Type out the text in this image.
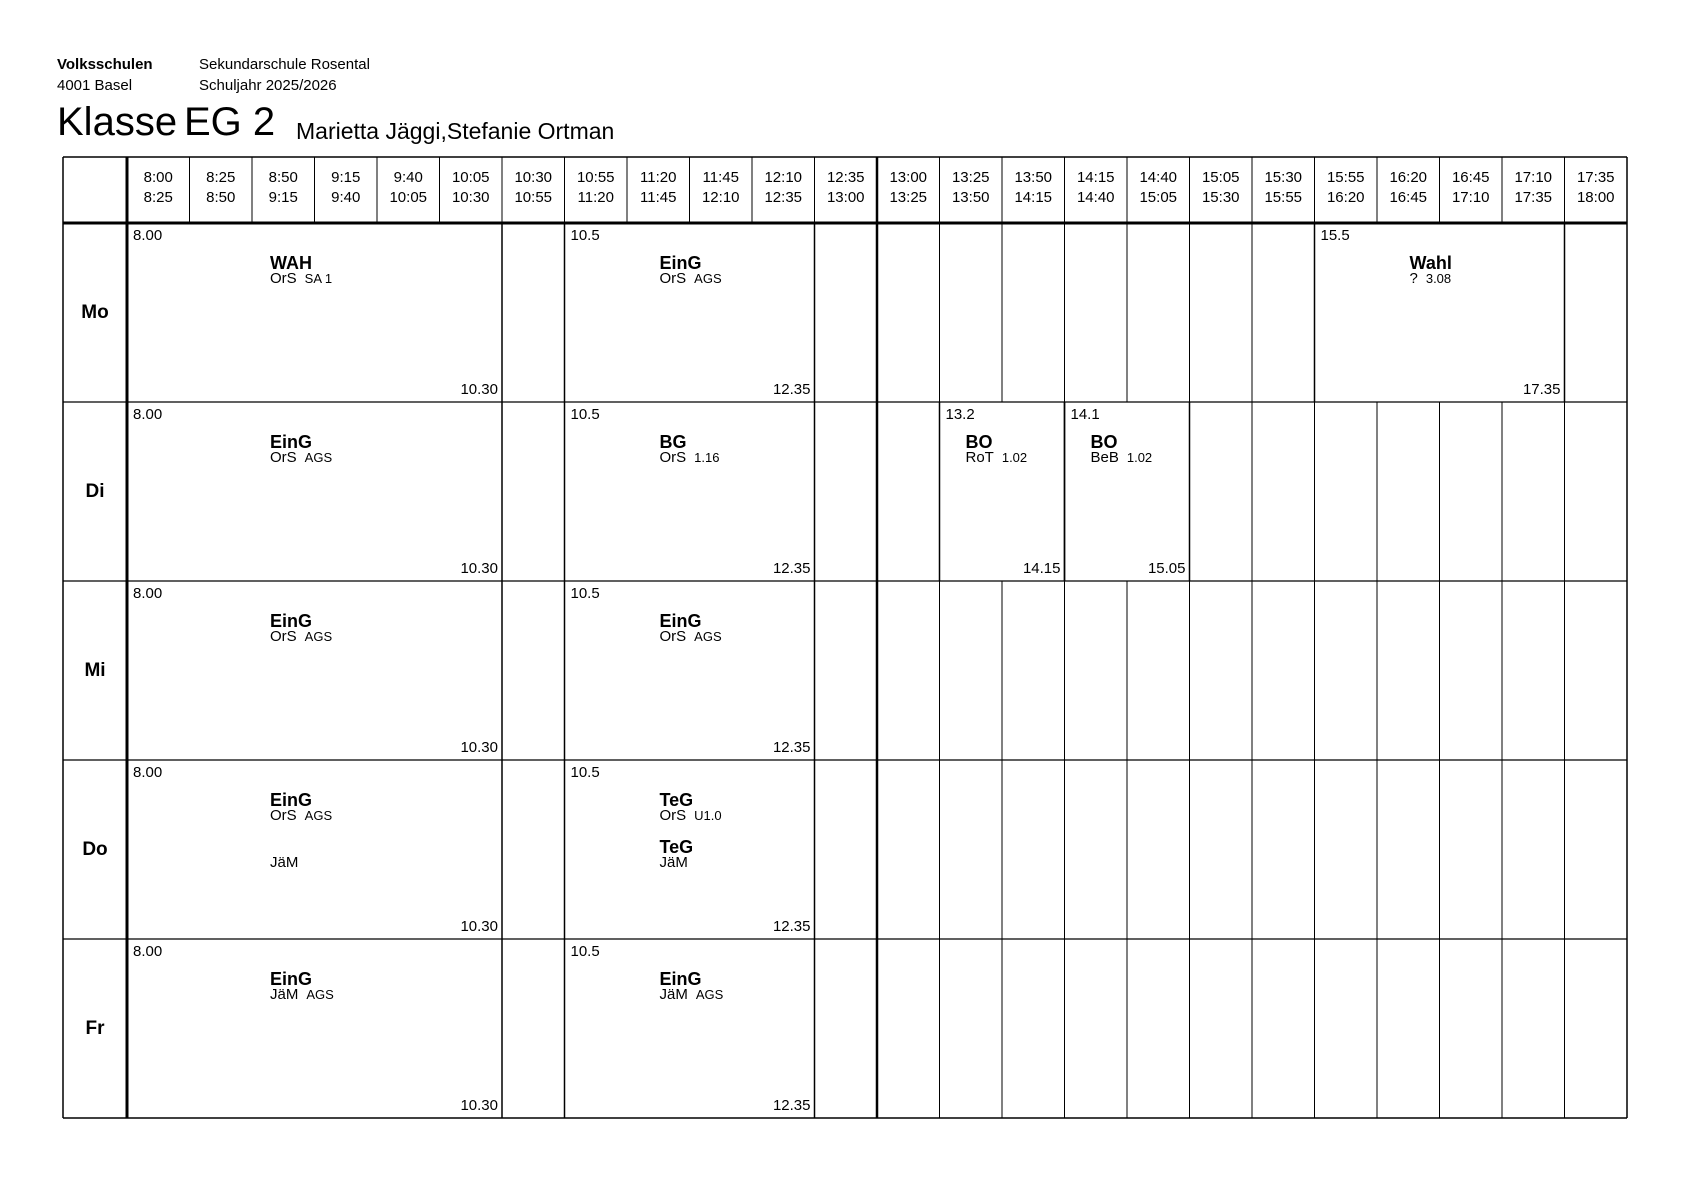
Volksschulen
4001 Basel
Sekundarschule Rosental
Schuljahr 2025/2026
Klasse EG 2 Marietta Jäggi,Stefanie Ortman
8:00
8:25
8:25
8:50
8:50
9:15
9:15
9:40
9:40
10:05
10:05
10:30
10:30
10:55
10:55
11:20
11:20
11:45
11:45
12:10
12:10
12:35
12:35
13:00
13:00
13:25
13:25
13:50
13:50
14:15
14:15
14:40
14:40
15:05
15:05
15:30
15:30
15:55
15:55
16:20
16:20
16:45
16:45
17:10
17:10
17:35
17:35
18:00
Mo
8.00
10.30
WAH
OrS SA 1
10.5
12.35
EinG
OrS AGS
15.5
17.35
Wahl
? 3.08
Di
8.00
10.30
EinG
OrS AGS
10.5
12.35
BG
OrS 1.16
13.2
14.15
BO
RoT 1.02
14.1
15.05
BO
BeB 1.02
Mi
8.00
10.30
EinG
OrS AGS
10.5
12.35
EinG
OrS AGS
Do
8.00
10.30
EinG
OrS AGS
JäM
10.5
12.35
TeG
OrS U1.0
TeG
JäM
Fr
8.00
10.30
EinG
JäM AGS
10.5
12.35
EinG
JäM AGS
